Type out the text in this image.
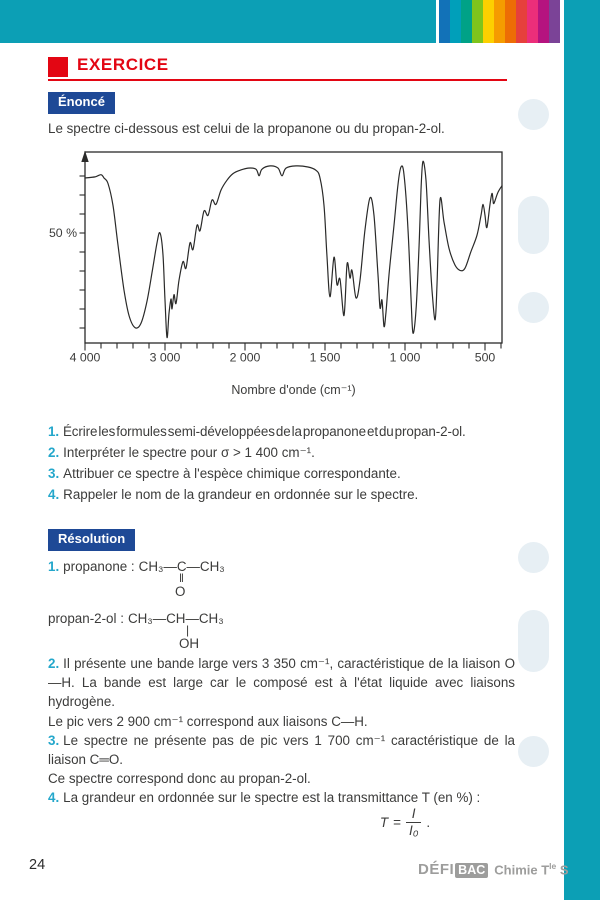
EXERCICE
Énoncé
Le spectre ci-dessous est celui de la propanone ou du propan-2-ol.
50 %
4 000	3 000	2 000	1 500	1 000	500
Nombre d'onde (cm⁻¹)

1. Écrire les formules semi-développées de la propanone et du propan-2-ol.

2. Interpréter le spectre pour σ > 1 400 cm⁻¹.

3. Attribuer ce spectre à l'espèce chimique correspondante.

4. Rappeler le nom de la grandeur en ordonnée sur le spectre.

Résolution
1. propanone : CH₃—C—CH₃
‖
O
propan-2-ol : CH₃—CH—CH₃
|
OH

2. Il présente une bande large vers 3 350 cm⁻¹, caractéristique de la liaison O—H. La bande est large car le composé est à l'état liquide avec liaisons hydrogène.

Le pic vers 2 900 cm⁻¹ correspond aux liaisons C—H.

3. Le spectre ne présente pas de pic vers 1 700 cm⁻¹ caractéristique de la liaison C═O.

Ce spectre correspond donc au propan-2-ol.

4. La grandeur en ordonnée sur le spectre est la transmittance T (en %) :

$T = \frac{I}{\text{I₀}}$ .
24	DÉFI BAC Chimie $T^{le}$ S
